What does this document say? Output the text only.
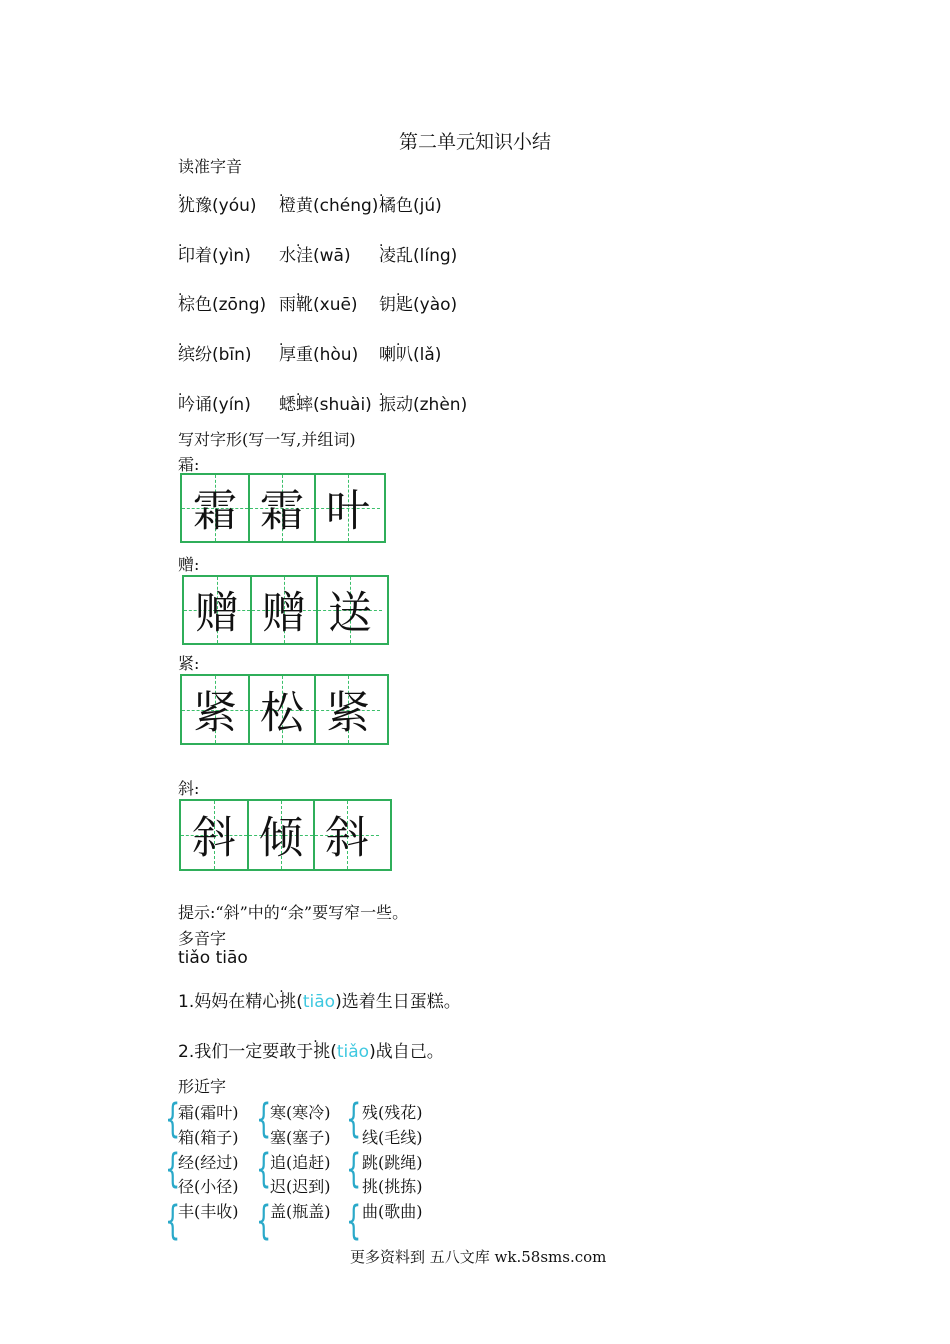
第二单元知识小结
读准字音
.
犹豫(yóu)
.
橙黄(chéng)
.
橘色(jú)
.
印着(yìn) 水
.
洼(wā)
.
凌乱(líng)
.
棕色(zōng) 雨
.
靴(xuē) 钥
.
匙(yào)
.
缤纷(bīn)
.
厚重(hòu) 喇
.
叭(lǎ)
.
吟诵(yín) 蟋
.
蟀(shuài)
.
振动(zhèn)
写对字形(写一写,并组词)
霜:
霜 霜 叶
赠:
赠 赠 送
紧:
紧 松 紧
斜:
斜 倾 斜
提示:“斜”中的“余”要写窄一些。
多音字
tiǎo tiāo
1.妈妈在精心
.
挑(tiāo)选着生日蛋糕。
2.我们一定要敢于
.
挑(tiǎo)战自己。
形近字
{
{
{
{
{
{
{
{
{
霜(霜叶)
箱(箱子)
经(经过)
径(小径)
丰(丰收)
寒(寒冷)
塞(塞子)
追(追赶)
迟(迟到)
盖(瓶盖)
残(残花)
线(毛线)
跳(跳绳)
挑(挑拣)
曲(歌曲)
更多资料到 五八文库 wk.58sms.com
